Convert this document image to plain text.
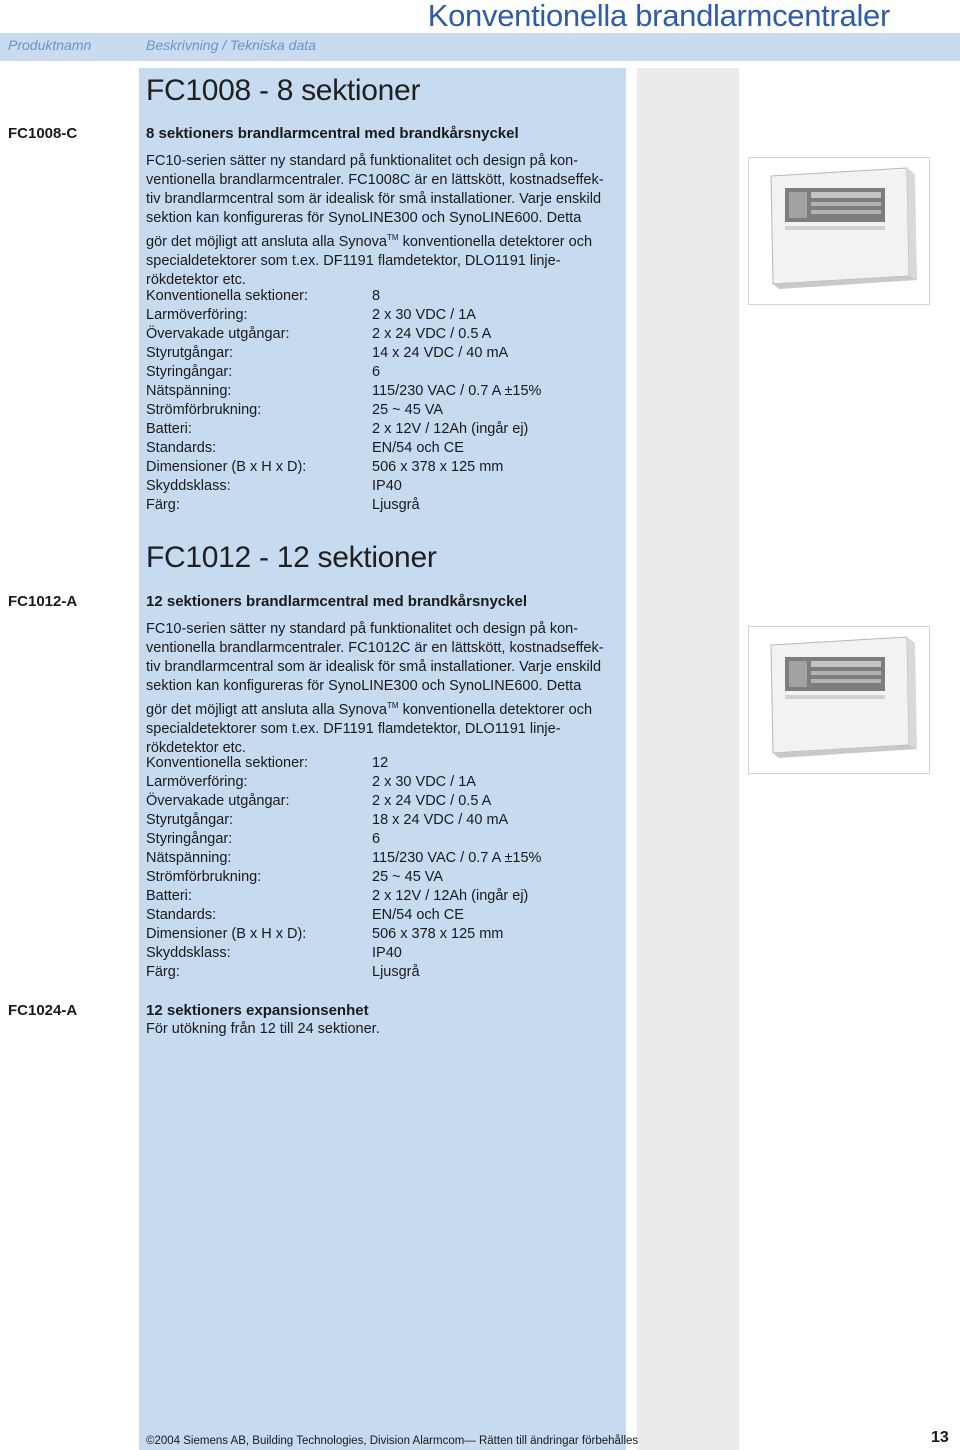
Konventionella brandlarmcentraler
Produktnamn	Beskrivning / Tekniska data
FC1008 - 8 sektioner
FC1008-C	8 sektioners brandlarmcentral med brandkårsnyckel
FC10-serien sätter ny standard på funktionalitet och design på kon-
ventionella brandlarmcentraler. FC1008C är en lättskött, kostnadseffek-
tiv brandlarmcentral som är idealisk för små installationer. Varje enskild
sektion kan konfigureras för SynoLINE300 och SynoLINE600. Detta
gör det möjligt att ansluta alla Synova™ konventionella detektorer och
specialdetektorer som t.ex. DF1191 flamdetektor, DLO1191 linje-
rökdetektor etc.
Konventionella sektioner:	8
Larmöverföring:	2 x 30 VDC / 1A
Övervakade utgångar:	2 x 24 VDC / 0.5 A
Styrutgångar:	14 x 24 VDC / 40 mA
Styringångar:	6
Nätspänning:	115/230 VAC / 0.7 A ±15%
Strömförbrukning:	25 ~ 45 VA
Batteri:	2 x 12V / 12Ah (ingår ej)
Standards:	EN/54 och CE
Dimensioner (B x H x D):	506 x 378 x 125 mm
Skyddsklass:	IP40
Färg:	Ljusgrå
FC1012 - 12 sektioner
FC1012-A	12 sektioners brandlarmcentral med brandkårsnyckel
FC10-serien sätter ny standard på funktionalitet och design på kon-
ventionella brandlarmcentraler. FC1012C är en lättskött, kostnadseffek-
tiv brandlarmcentral som är idealisk för små installationer. Varje enskild
sektion kan konfigureras för SynoLINE300 och SynoLINE600. Detta
gör det möjligt att ansluta alla Synova™ konventionella detektorer och
specialdetektorer som t.ex. DF1191 flamdetektor, DLO1191 linje-
rökdetektor etc.
Konventionella sektioner:	12
Larmöverföring:	2 x 30 VDC / 1A
Övervakade utgångar:	2 x 24 VDC / 0.5 A
Styrutgångar:	18 x 24 VDC / 40 mA
Styringångar:	6
Nätspänning:	115/230 VAC / 0.7 A ±15%
Strömförbrukning:	25 ~ 45 VA
Batteri:	2 x 12V / 12Ah (ingår ej)
Standards:	EN/54 och CE
Dimensioner (B x H x D):	506 x 378 x 125 mm
Skyddsklass:	IP40
Färg:	Ljusgrå
FC1024-A	12 sektioners expansionsenhet
För utökning från 12 till 24 sektioner.
©2004 Siemens AB, Building Technologies, Division Alarmcom— Rätten till ändringar förbehålles	13
